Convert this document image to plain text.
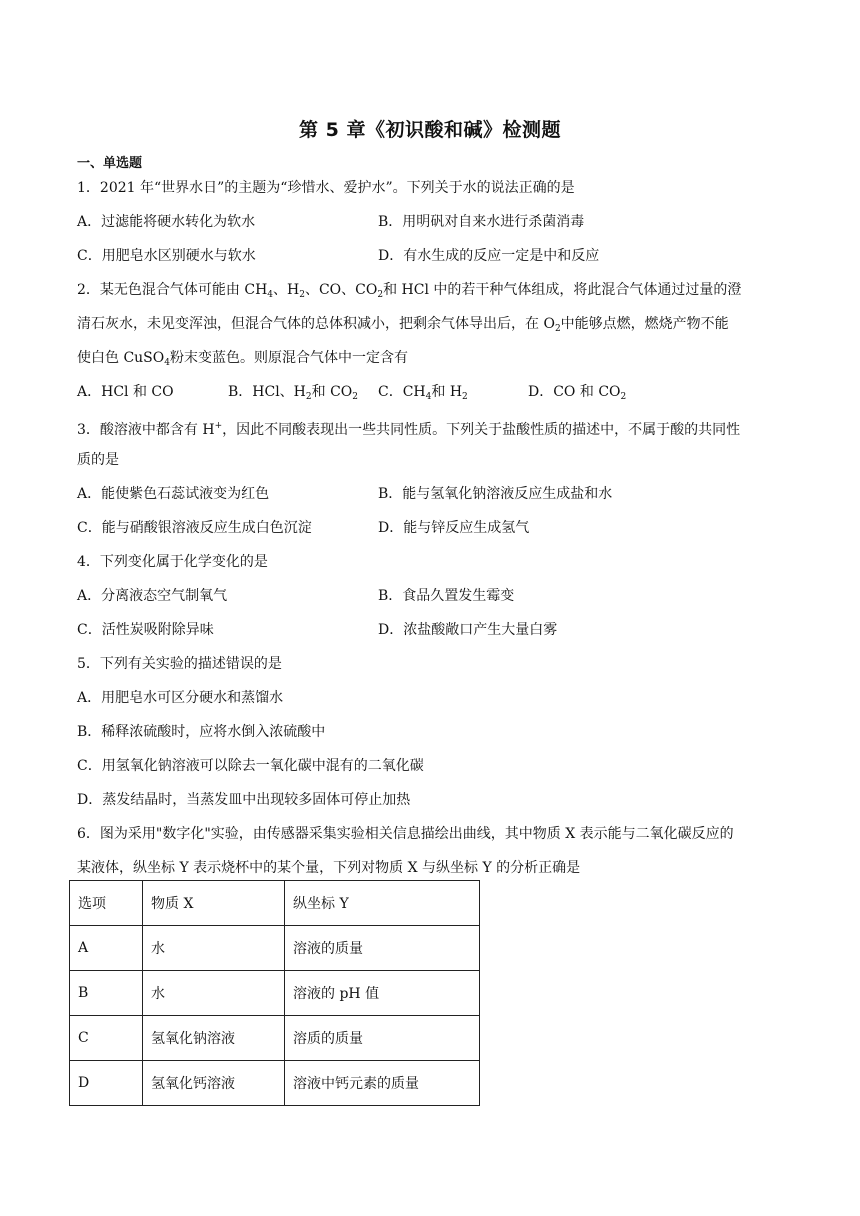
第 5 章《初识酸和碱》检测题
一、单选题
1．2021 年“世界水日”的主题为“珍惜水、爱护水”。下列关于水的说法正确的是
A．过滤能将硬水转化为软水	B．用明矾对自来水进行杀菌消毒
C．用肥皂水区别硬水与软水	D．有水生成的反应一定是中和反应
2．某无色混合气体可能由 $CH_4$、$H_2$、CO、$CO_2$和 HCl 中的若干种气体组成，将此混合气体通过过量的澄
清石灰水，未见变浑浊，但混合气体的总体积减小，把剩余气体导出后，在 $O_2$中能够点燃，燃烧产物不能
使白色 CuSO$_4$粉末变蓝色。则原混合气体中一定含有
A．HCl 和 CO	B．HCl、$H_2$和 $CO_2$ C．$CH_4$和 $H_2$	D．CO 和 $CO_2$
3．酸溶液中都含有 H+，因此不同酸表现出一些共同性质。下列关于盐酸性质的描述中，不属于酸的共同性
质的是
A．能使紫色石蕊试液变为红色	B．能与氢氧化钠溶液反应生成盐和水
C．能与硝酸银溶液反应生成白色沉淀	D．能与锌反应生成氢气
4．下列变化属于化学变化的是
A．分离液态空气制氧气	B．食品久置发生霉变
C．活性炭吸附除异味	D．浓盐酸敞口产生大量白雾
5．下列有关实验的描述错误的是
A．用肥皂水可区分硬水和蒸馏水
B．稀释浓硫酸时，应将水倒入浓硫酸中
C．用氢氧化钠溶液可以除去一氧化碳中混有的二氧化碳
D．蒸发结晶时，当蒸发皿中出现较多固体可停止加热
6．图为采用"数字化"实验，由传感器采集实验相关信息描绘出曲线，其中物质 X 表示能与二氧化碳反应的
某液体，纵坐标 Y 表示烧杯中的某个量，下列对物质 X 与纵坐标 Y 的分析正确是
选项	物质 X	纵坐标 Y
A	水	溶液的质量
B	水	溶液的 pH 值
C	氢氧化钠溶液	溶质的质量
D	氢氧化钙溶液	溶液中钙元素的质量
